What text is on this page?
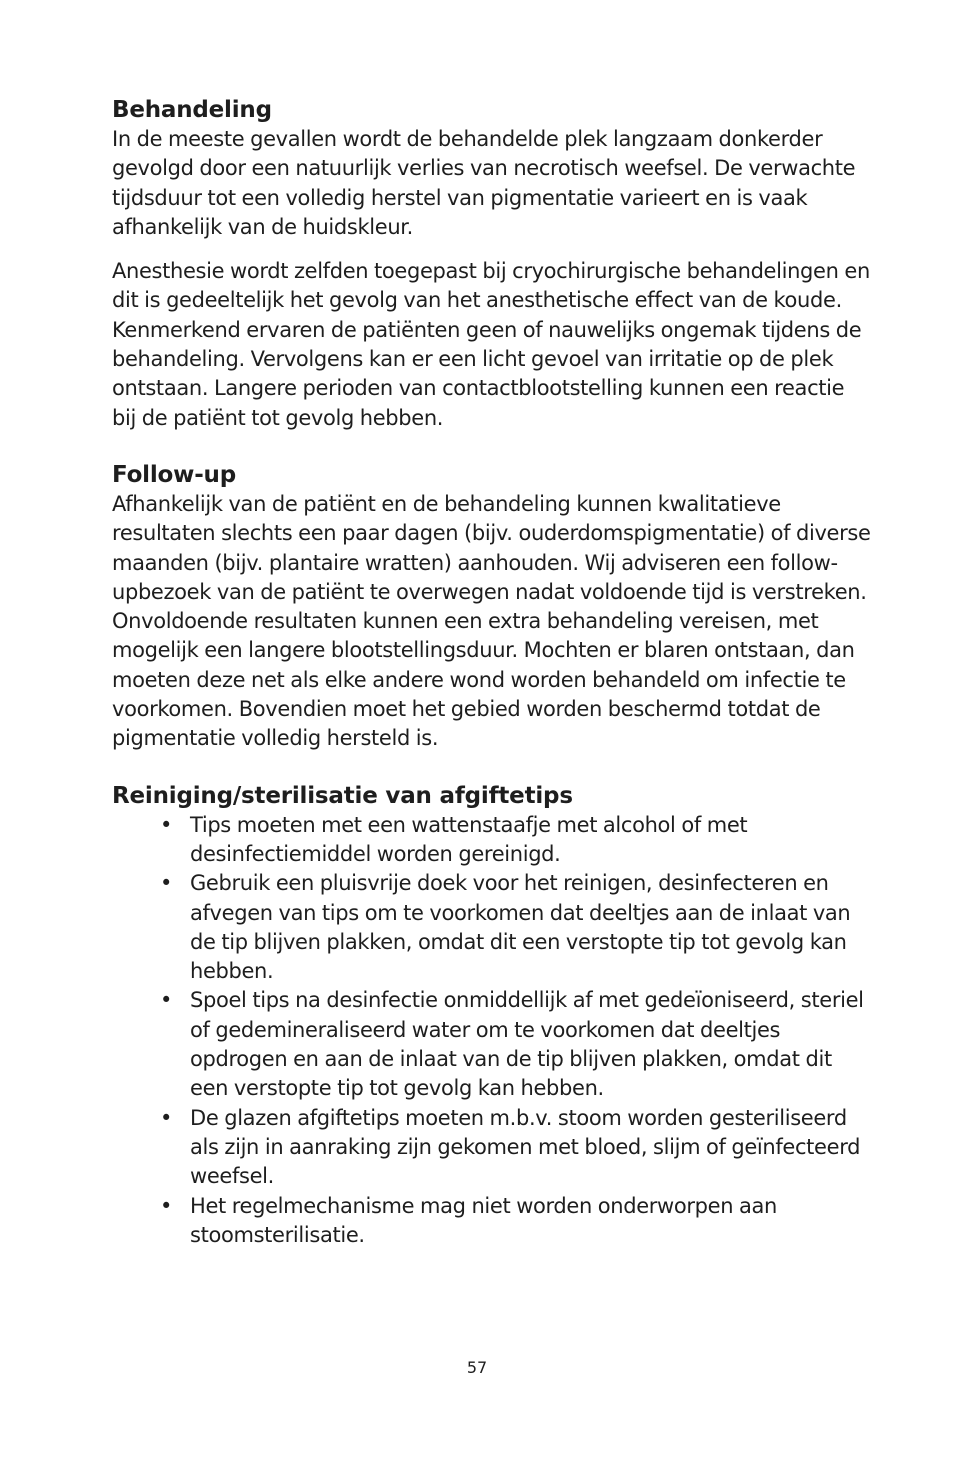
Behandeling

In de meeste gevallen wordt de behandelde plek langzaam donkerder gevolgd door een natuurlijk verlies van necrotisch weefsel. De verwachte tijdsduur tot een volledig herstel van pigmentatie varieert en is vaak afhankelijk van de huidskleur.

Anesthesie wordt zelfden toegepast bij cryochirurgische behandelingen en dit is gedeeltelijk het gevolg van het anesthetische effect van de koude. Kenmerkend ervaren de patiënten geen of nauwelijks ongemak tijdens de behandeling. Vervolgens kan er een licht gevoel van irritatie op de plek ontstaan. Langere perioden van contactblootstelling kunnen een reactie bij de patiënt tot gevolg hebben.

Follow-up

Afhankelijk van de patiënt en de behandeling kunnen kwalitatieve resultaten slechts een paar dagen (bijv. ouderdomspigmentatie) of diverse maanden (bijv. plantaire wratten) aanhouden. Wij adviseren een follow-upbezoek van de patiënt te overwegen nadat voldoende tijd is verstreken. Onvoldoende resultaten kunnen een extra behandeling vereisen, met mogelijk een langere blootstellingsduur. Mochten er blaren ontstaan, dan moeten deze net als elke andere wond worden behandeld om infectie te voorkomen. Bovendien moet het gebied worden beschermd totdat de pigmentatie volledig hersteld is.

Reiniging/sterilisatie van afgiftetips
• Tips moeten met een wattenstaafje met alcohol of met desinfectiemiddel worden gereinigd.
• Gebruik een pluisvrije doek voor het reinigen, desinfecteren en afvegen van tips om te voorkomen dat deeltjes aan de inlaat van de tip blijven plakken, omdat dit een verstopte tip tot gevolg kan hebben.
• Spoel tips na desinfectie onmiddellijk af met gedeïoniseerd, steriel of gedemineraliseerd water om te voorkomen dat deeltjes opdrogen en aan de inlaat van de tip blijven plakken, omdat dit een verstopte tip tot gevolg kan hebben.
• De glazen afgiftetips moeten m.b.v. stoom worden gesteriliseerd als zijn in aanraking zijn gekomen met bloed, slijm of geïnfecteerd weefsel.
• Het regelmechanisme mag niet worden onderworpen aan stoomsterilisatie.
57
